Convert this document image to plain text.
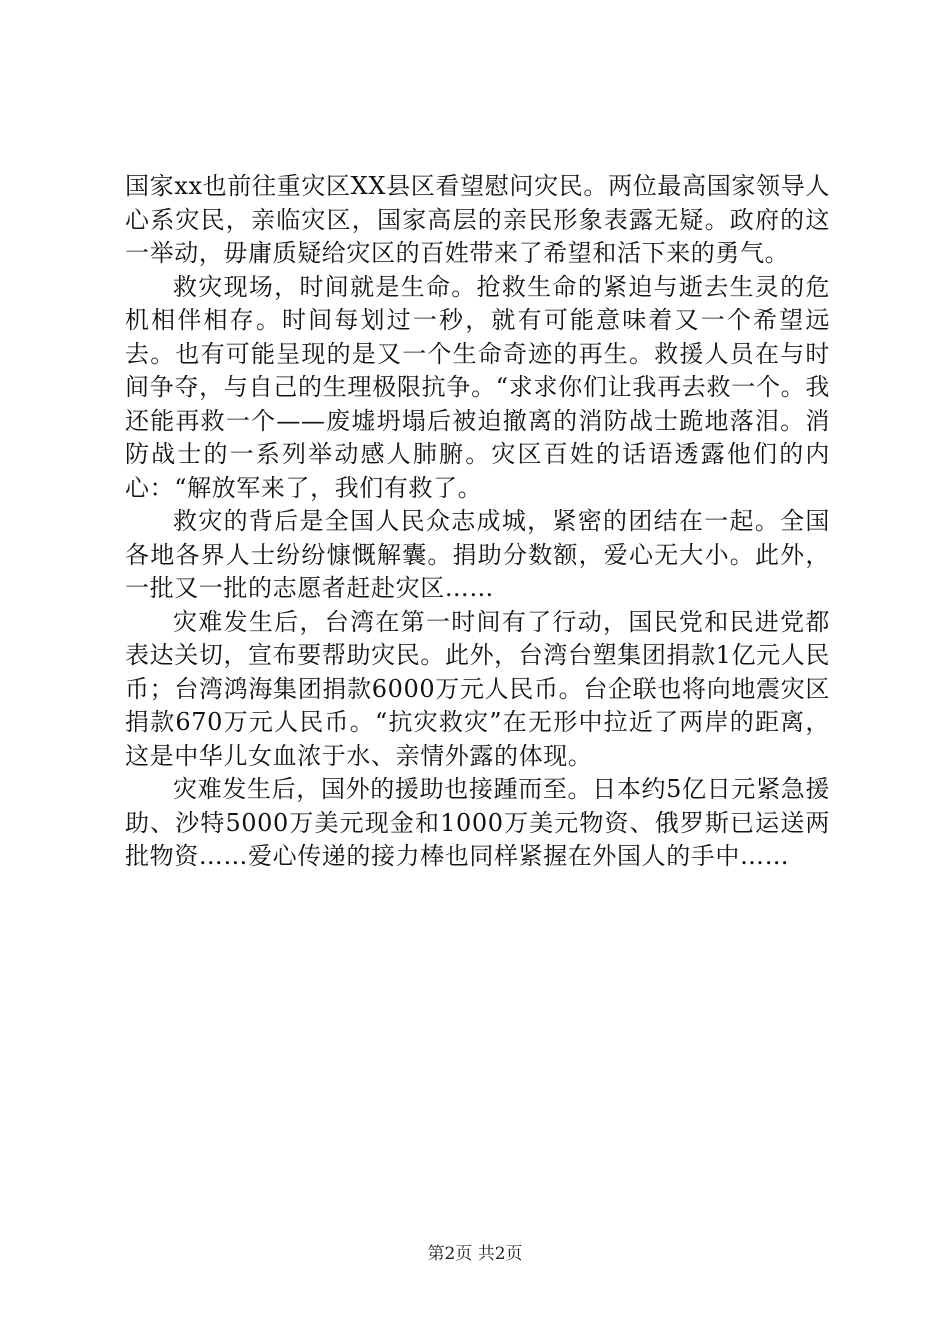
国家xx也前往重灾区XX县区看望慰问灾民。两位最高国家领导人心系灾民，亲临灾区，国家高层的亲民形象表露无疑。政府的这一举动，毋庸质疑给灾区的百姓带来了希望和活下来的勇气。

救灾现场，时间就是生命。抢救生命的紧迫与逝去生灵的危机相伴相存。时间每划过一秒，就有可能意味着又一个希望远去。也有可能呈现的是又一个生命奇迹的再生。救援人员在与时间争夺，与自己的生理极限抗争。“求求你们让我再去救一个。我还能再救一个——废墟坍塌后被迫撤离的消防战士跪地落泪。消防战士的一系列举动感人肺腑。灾区百姓的话语透露他们的内心：“解放军来了，我们有救了。

救灾的背后是全国人民众志成城，紧密的团结在一起。全国各地各界人士纷纷慷慨解囊。捐助分数额，爱心无大小。此外，一批又一批的志愿者赶赴灾区……

灾难发生后，台湾在第一时间有了行动，国民党和民进党都表达关切，宣布要帮助灾民。此外，台湾台塑集团捐款1亿元人民币；台湾鸿海集团捐款6000万元人民币。台企联也将向地震灾区捐款670万元人民币。“抗灾救灾”在无形中拉近了两岸的距离，这是中华儿女血浓于水、亲情外露的体现。

灾难发生后，国外的援助也接踵而至。日本约5亿日元紧急援助、沙特5000万美元现金和1000万美元物资、俄罗斯已运送两批物资……爱心传递的接力棒也同样紧握在外国人的手中……

第2页 共2页
